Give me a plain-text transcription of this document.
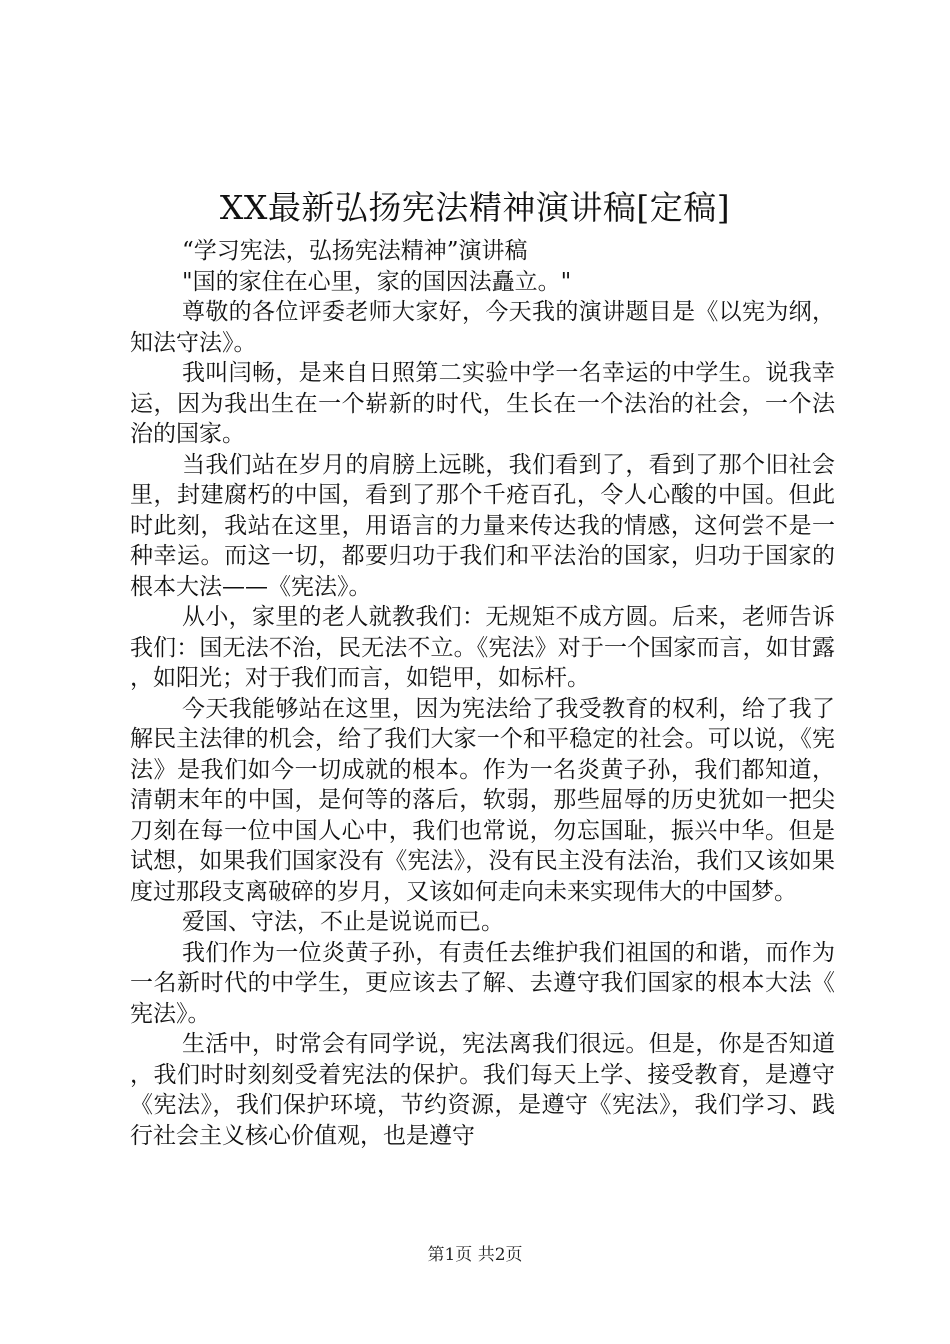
XX最新弘扬宪法精神演讲稿[定稿]

“学习宪法，弘扬宪法精神”演讲稿

"国的家住在心里，家的国因法矗立。"

尊敬的各位评委老师大家好，今天我的演讲题目是《以宪为纲，知法守法》。

我叫闫畅，是来自日照第二实验中学一名幸运的中学生。说我幸运，因为我出生在一个崭新的时代，生长在一个法治的社会，一个法治的国家。

当我们站在岁月的肩膀上远眺，我们看到了，看到了那个旧社会里，封建腐朽的中国，看到了那个千疮百孔，令人心酸的中国。但此时此刻，我站在这里，用语言的力量来传达我的情感，这何尝不是一种幸运。而这一切，都要归功于我们和平法治的国家，归功于国家的根本大法——《宪法》。

从小，家里的老人就教我们：无规矩不成方圆。后来，老师告诉我们：国无法不治，民无法不立。《宪法》对于一个国家而言，如甘露，如阳光；对于我们而言，如铠甲，如标杆。

今天我能够站在这里，因为宪法给了我受教育的权利，给了我了解民主法律的机会，给了我们大家一个和平稳定的社会。可以说，《宪法》是我们如今一切成就的根本。作为一名炎黄子孙，我们都知道，清朝末年的中国，是何等的落后，软弱，那些屈辱的历史犹如一把尖刀刻在每一位中国人心中，我们也常说，勿忘国耻，振兴中华。但是试想，如果我们国家没有《宪法》，没有民主没有法治，我们又该如果度过那段支离破碎的岁月，又该如何走向未来实现伟大的中国梦。

爱国、守法，不止是说说而已。

我们作为一位炎黄子孙，有责任去维护我们祖国的和谐，而作为一名新时代的中学生，更应该去了解、去遵守我们国家的根本大法《宪法》。

生活中，时常会有同学说，宪法离我们很远。但是，你是否知道，我们时时刻刻受着宪法的保护。我们每天上学、接受教育，是遵守《宪法》，我们保护环境，节约资源，是遵守《宪法》，我们学习、践行社会主义核心价值观，也是遵守

第1页 共2页
